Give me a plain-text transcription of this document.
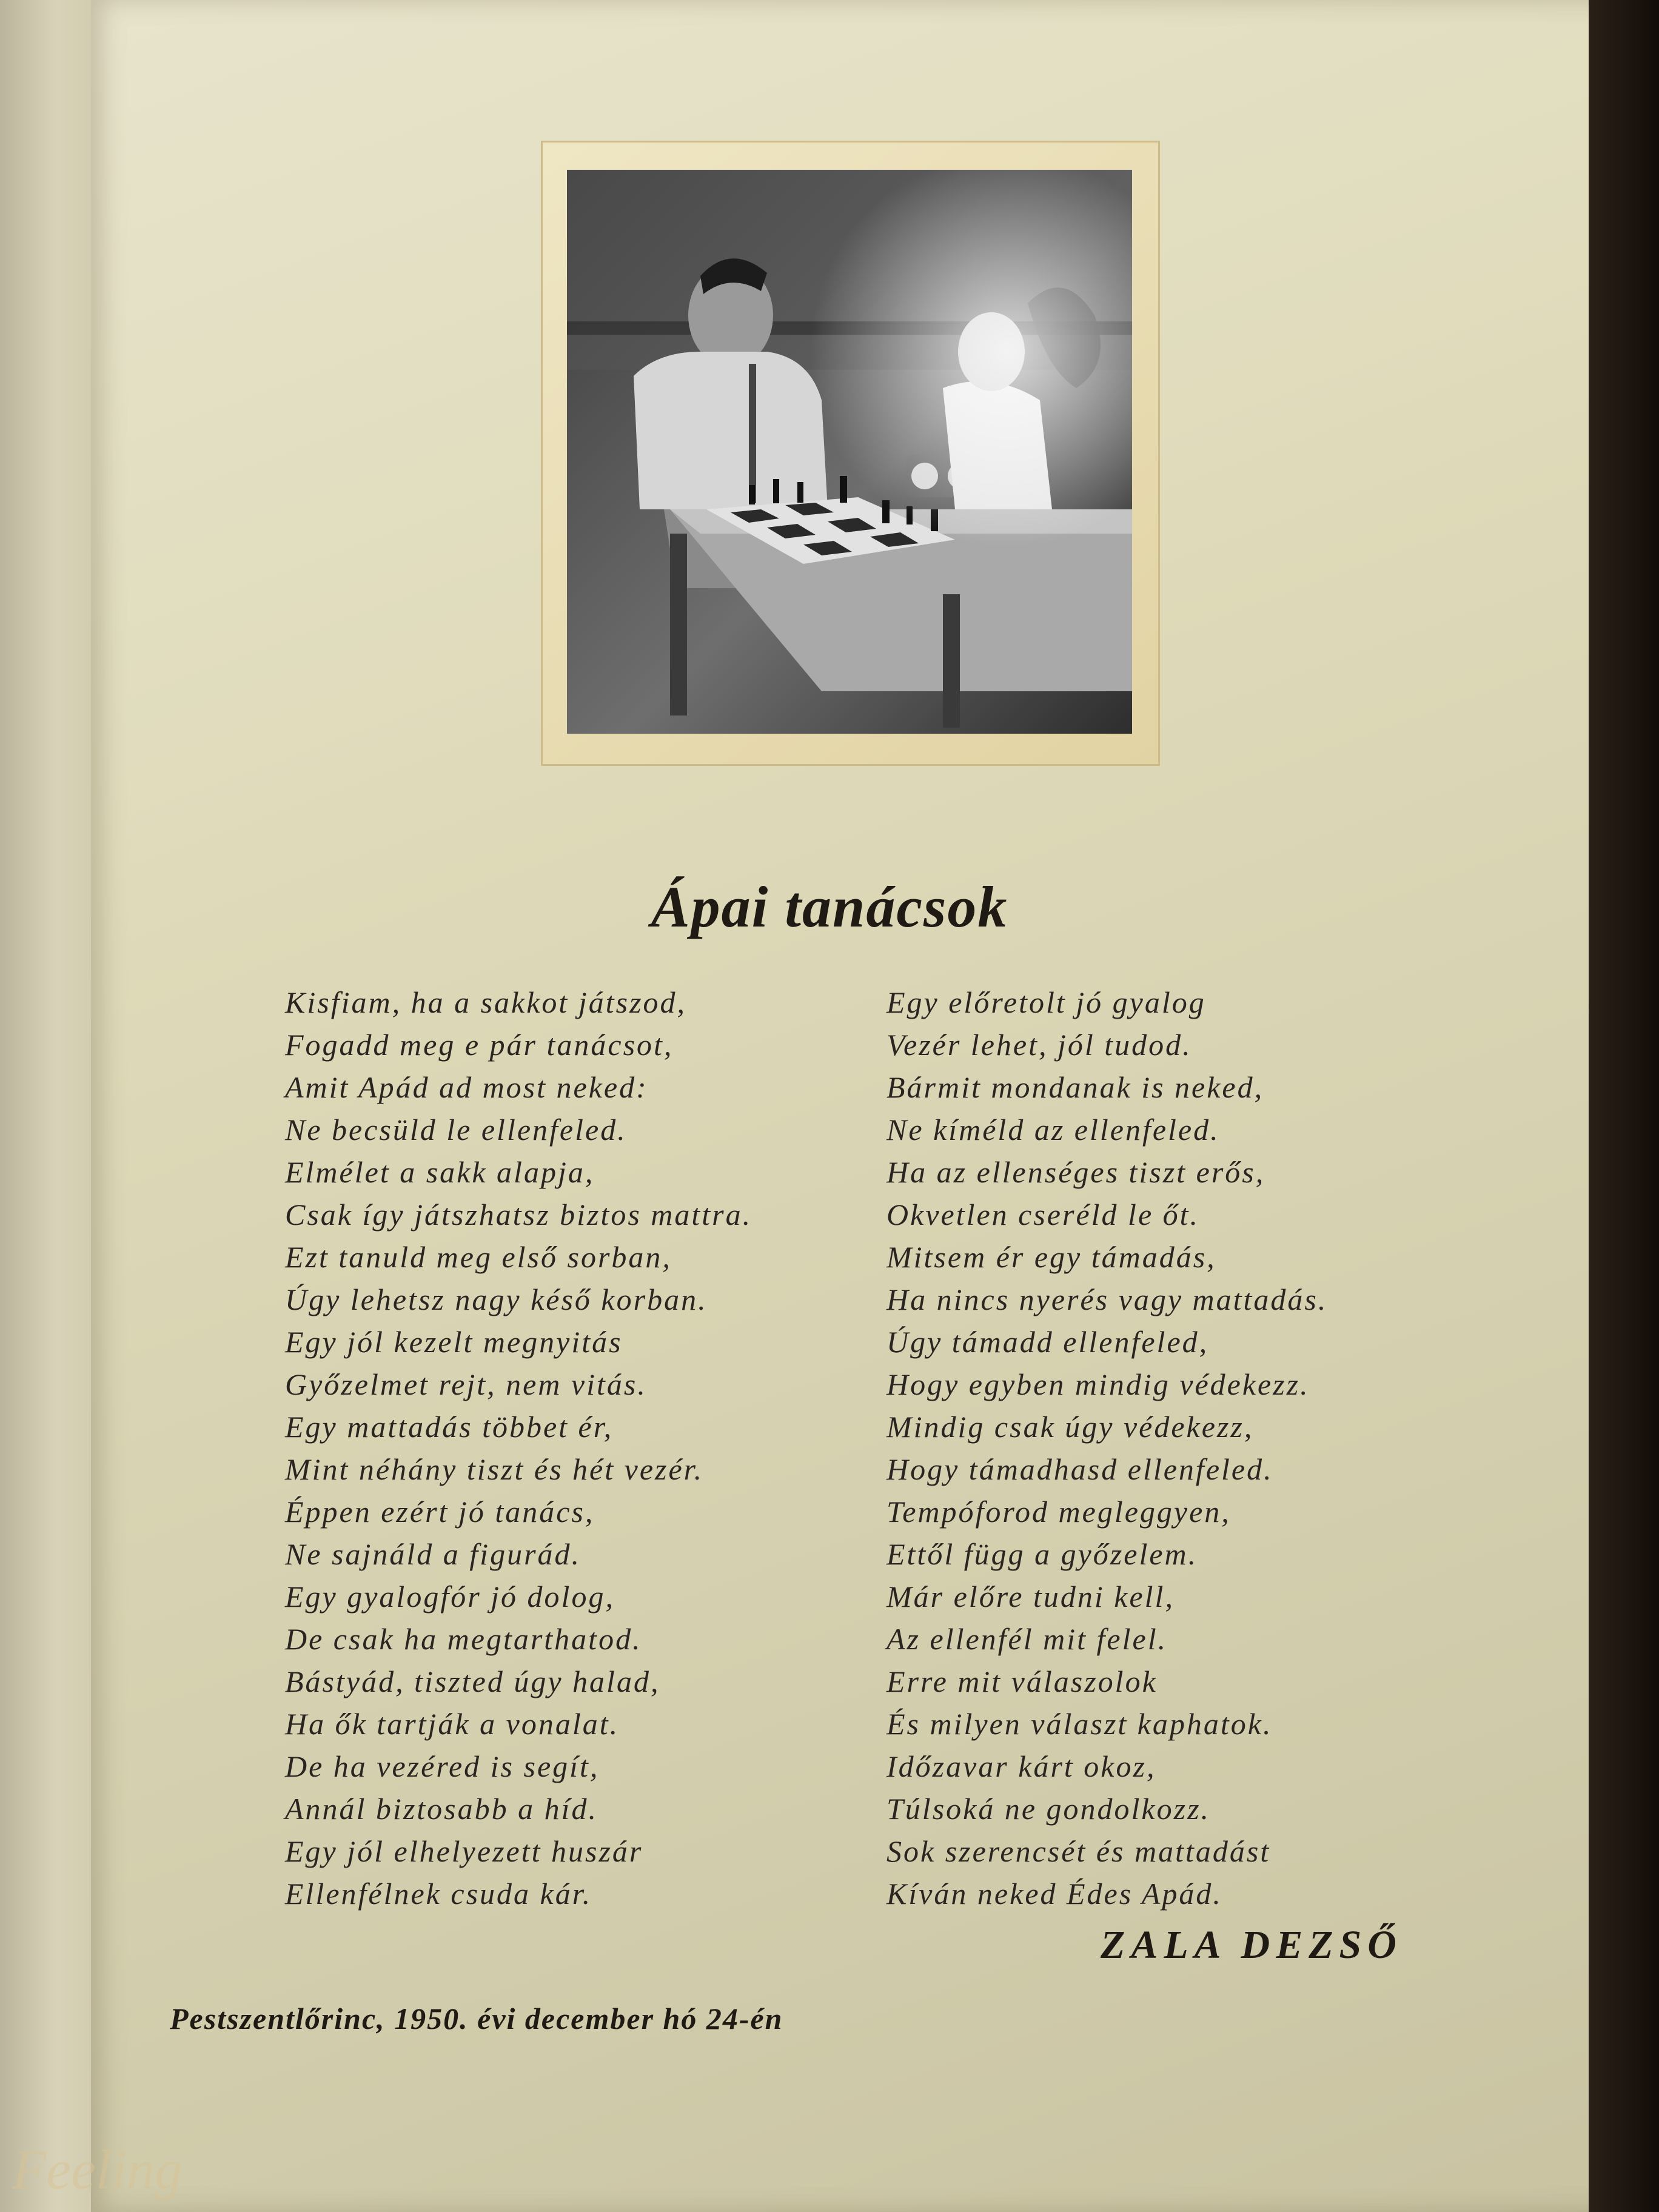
Ápai tanácsok
Kisfiam, ha a sakkot játszod,
Fogadd meg e pár tanácsot,
Amit Apád ad most neked:
Ne becsüld le ellenfeled.
Elmélet a sakk alapja,
Csak így játszhatsz biztos mattra.
Ezt tanuld meg első sorban,
Úgy lehetsz nagy késő korban.
Egy jól kezelt megnyitás
Győzelmet rejt, nem vitás.
Egy mattadás többet ér,
Mint néhány tiszt és hét vezér.
Éppen ezért jó tanács,
Ne sajnáld a figurád.
Egy gyalogfór jó dolog,
De csak ha megtarthatod.
Bástyád, tiszted úgy halad,
Ha ők tartják a vonalat.
De ha vezéred is segít,
Annál biztosabb a híd.
Egy jól elhelyezett huszár
Ellenfélnek csuda kár.
Egy előretolt jó gyalog
Vezér lehet, jól tudod.
Bármit mondanak is neked,
Ne kíméld az ellenfeled.
Ha az ellenséges tiszt erős,
Okvetlen cseréld le őt.
Mitsem ér egy támadás,
Ha nincs nyerés vagy mattadás.
Úgy támadd ellenfeled,
Hogy egyben mindig védekezz.
Mindig csak úgy védekezz,
Hogy támadhasd ellenfeled.
Tempóforod megleggyen,
Ettől függ a győzelem.
Már előre tudni kell,
Az ellenfél mit felel.
Erre mit válaszolok
És milyen választ kaphatok.
Időzavar kárt okoz,
Túlsoká ne gondolkozz.
Sok szerencsét és mattadást
Kíván neked Édes Apád.
ZALA DEZSŐ
Pestszentlőrinc, 1950. évi december hó 24-én
Feeling
